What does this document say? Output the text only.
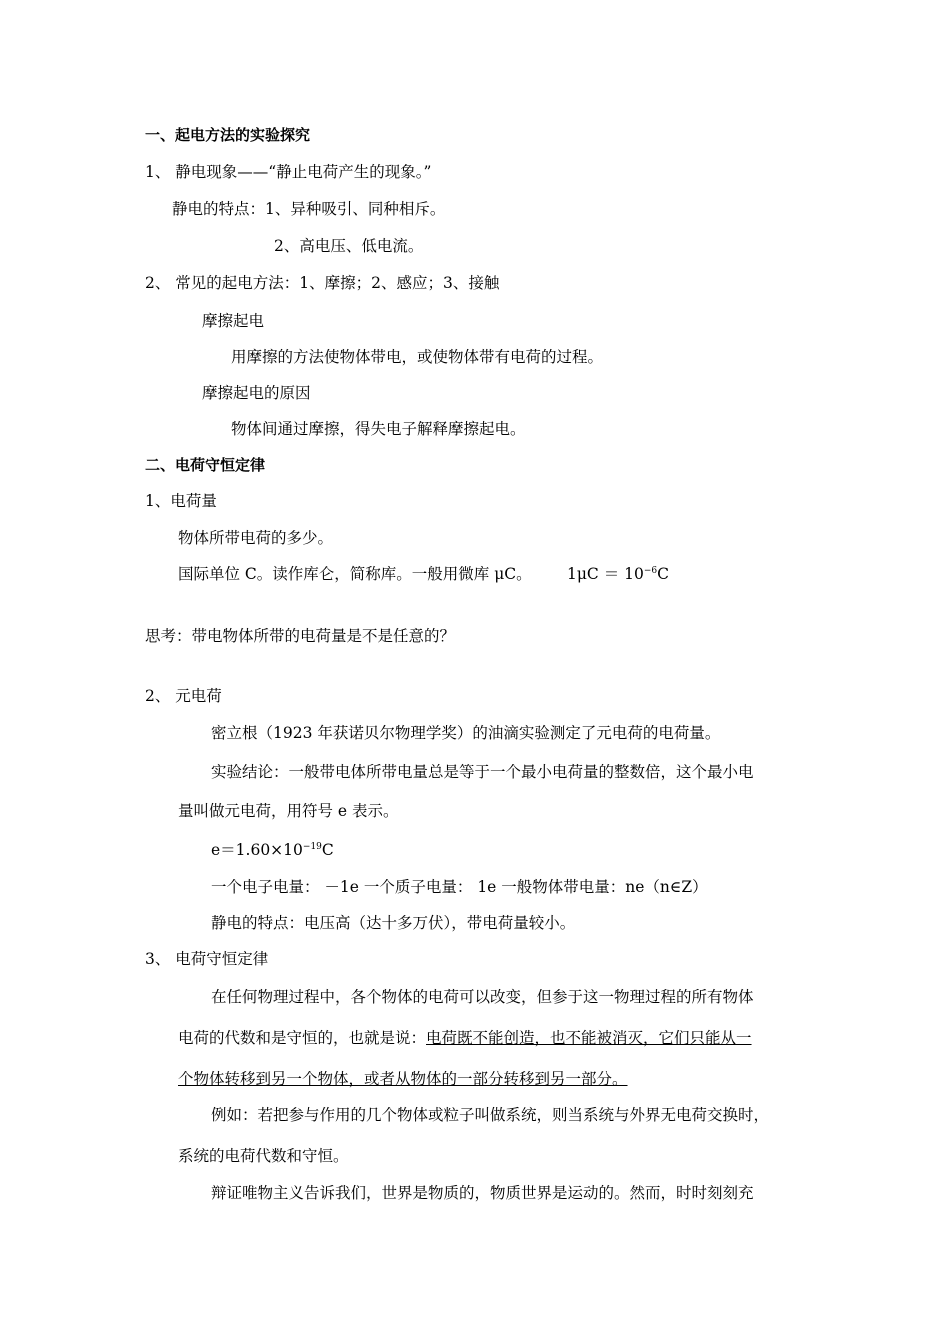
一、起电方法的实验探究
1、 静电现象——“静止电荷产生的现象。”
静电的特点：1、异种吸引、同种相斥。
2、高电压、低电流。
2、 常见的起电方法：1、摩擦；2、感应；3、接触
摩擦起电
用摩擦的方法使物体带电，或使物体带有电荷的过程。
摩擦起电的原因
物体间通过摩擦，得失电子解释摩擦起电。
二、电荷守恒定律
1、电荷量
物体所带电荷的多少。
国际单位 C。读作库仑，简称库。一般用微库 μC。 $1\mu C = 10^{-6}C$
思考：带电物体所带的电荷量是不是任意的？
2、 元电荷
密立根（1923 年获诺贝尔物理学奖）的油滴实验测定了元电荷的电荷量。
实验结论：一般带电体所带电量总是等于一个最小电荷量的整数倍，这个最小电
量叫做元电荷，用符号 e 表示。
$e=1.60\times 10^{-19}C$
一个电子电量： －1e 一个质子电量： 1e 一般物体带电量：ne（n∈Z）
静电的特点：电压高（达十多万伏），带电荷量较小。
3、 电荷守恒定律
在任何物理过程中，各个物体的电荷可以改变，但参于这一物理过程的所有物体
电荷的代数和是守恒的，也就是说：电荷既不能创造，也不能被消灭，它们只能从一
个物体转移到另一个物体，或者从物体的一部分转移到另一部分。
例如：若把参与作用的几个物体或粒子叫做系统，则当系统与外界无电荷交换时，
系统的电荷代数和守恒。
辩证唯物主义告诉我们，世界是物质的，物质世界是运动的。然而，时时刻刻充
